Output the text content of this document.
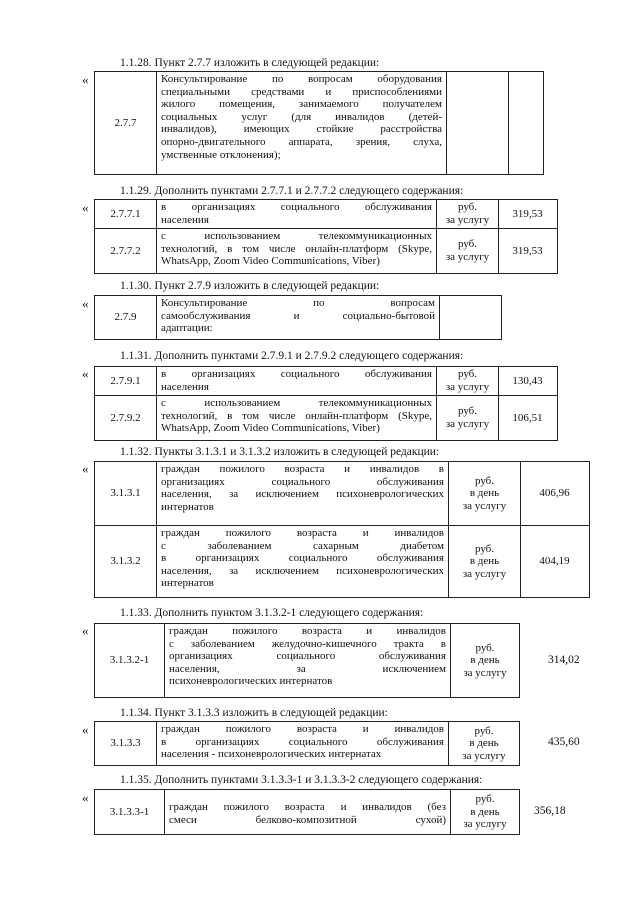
1.1.28. Пункт 2.7.7 изложить в следующей редакции:
1.1.29. Дополнить пунктами 2.7.7.1 и 2.7.7.2 следующего содержания:
1.1.30. Пункт 2.7.9 изложить в следующей редакции:
1.1.31. Дополнить пунктами 2.7.9.1 и 2.7.9.2 следующего содержания:
1.1.32. Пункты 3.1.3.1 и 3.1.3.2 изложить в следующей редакции:
1.1.33. Дополнить пунктом 3.1.3.2-1 следующего содержания:
1.1.34. Пункт 3.1.3.3 изложить в следующей редакции:
1.1.35. Дополнить пунктами 3.1.3.3-1 и 3.1.3.3-2 следующего содержания:
«
«
«
«
«
«
«
«
2.7.7
Консультирование по вопросам оборудования
специальными средствами и приспособлениями
жилого помещения, занимаемого получателем
социальных услуг (для инвалидов (детей-
инвалидов), имеющих стойкие расстройства
опорно-двигательного аппарата, зрения, слуха,
умственные отклонения);
2.7.7.1
в организациях социального обслуживания
населения
руб.
за услугу
319,53
2.7.7.2
с использованием телекоммуникационных
технологий, в том числе онлайн-платформ (Skype,
WhatsApp, Zoom Video Communications, Viber)
руб.
за услугу
319,53
2.7.9
Консультирование по вопросам
самообслуживания и социально-бытовой
адаптации:
2.7.9.1
в организациях социального обслуживания
населения
руб.
за услугу
130,43
2.7.9.2
с использованием телекоммуникационных
технологий, в том числе онлайн-платформ (Skype,
WhatsApp, Zoom Video Communications, Viber)
руб.
за услугу
106,51
3.1.3.1
граждан пожилого возраста и инвалидов в
организациях социального обслуживания
населения, за исключением психоневрологических
интернатов
руб.
в день
за услугу
406,96
3.1.3.2
граждан пожилого возраста и инвалидов
с заболеванием сахарным диабетом
в организациях социального обслуживания
населения, за исключением психоневрологических
интернатов
руб.
в день
за услугу
404,19
3.1.3.2-1
граждан пожилого возраста и инвалидов
с заболеванием желудочно-кишечного тракта в
организациях социального обслуживания
населения, за исключением
психоневрологических интернатов
руб.
в день
за услугу
314,02
3.1.3.3
граждан пожилого возраста и инвалидов
в организациях социального обслуживания
населения - психоневрологических интернатах
руб.
в день
за услугу
435,60
3.1.3.3-1	граждан пожилого возраста и инвалидов (без
смеси белково-композитной сухой)
руб.
в день
за услугу
356,18
